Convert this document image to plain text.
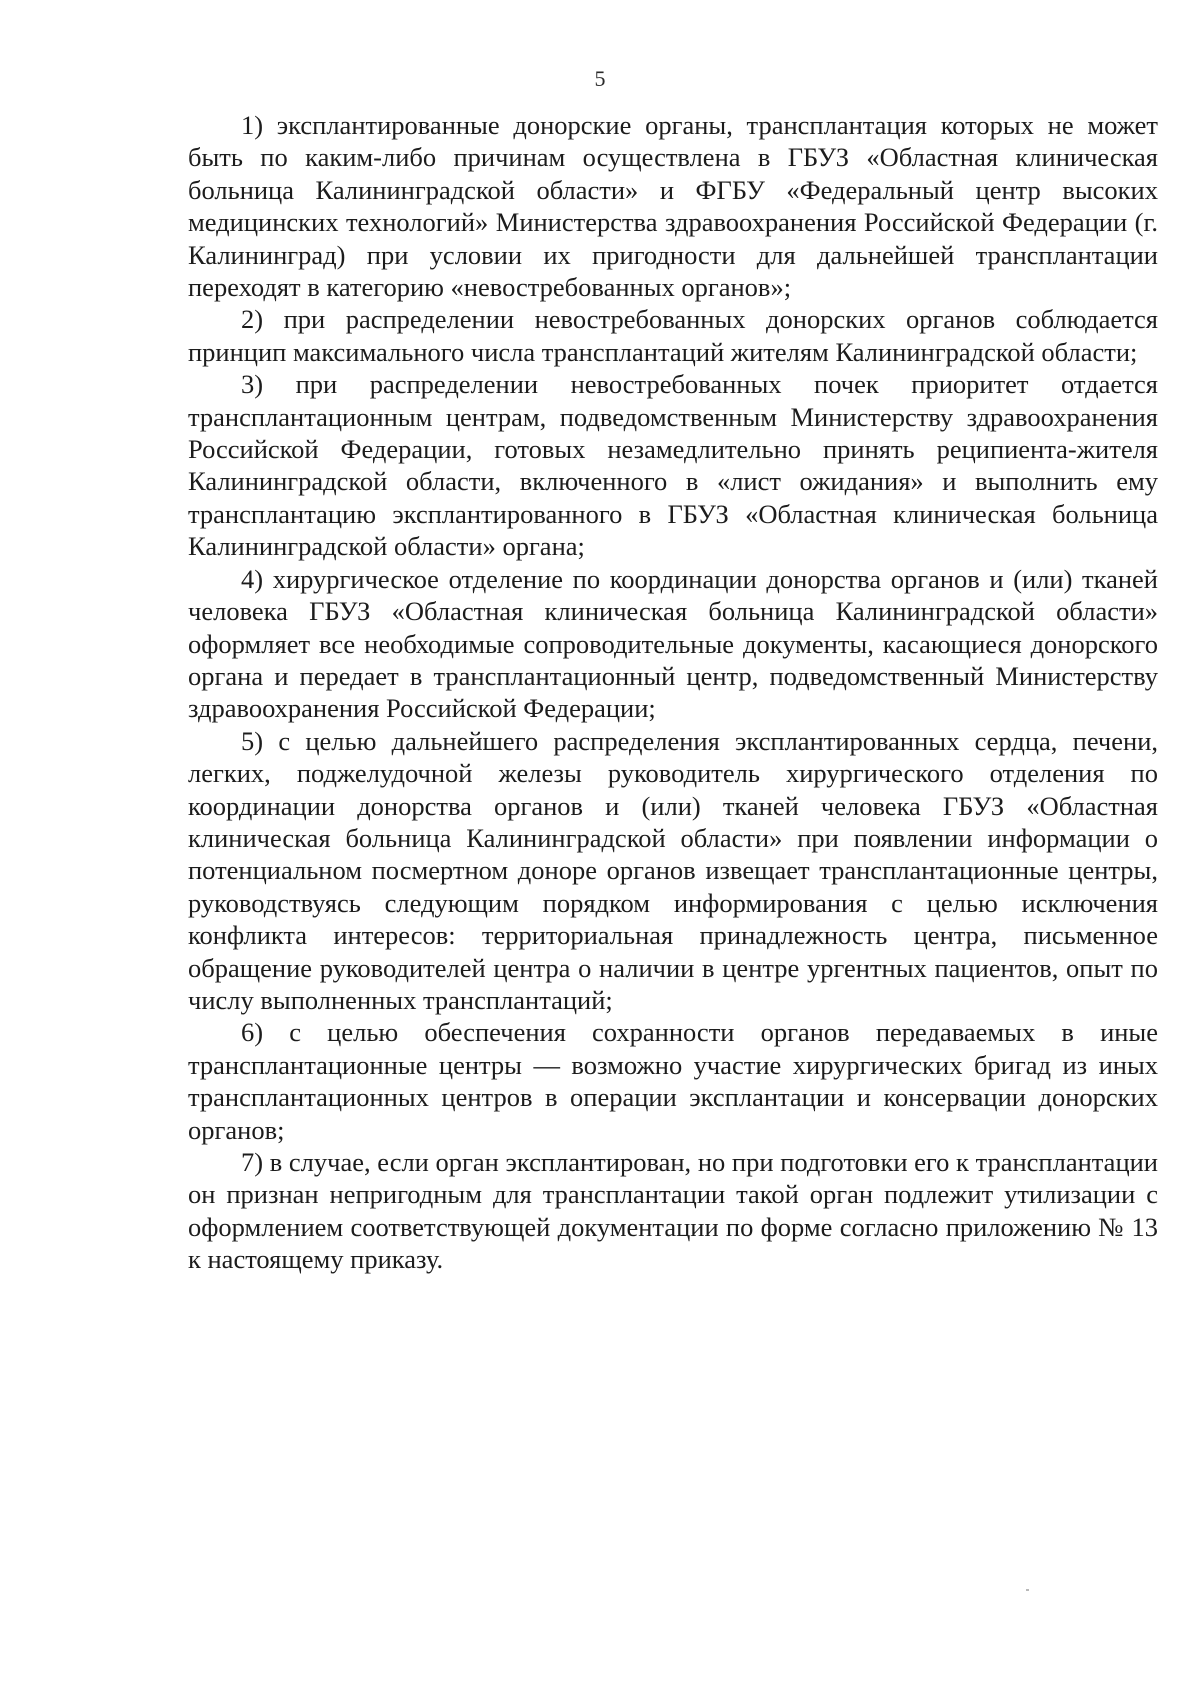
5

1) эксплантированные донорские органы, трансплантация которых не может быть по каким-либо причинам осуществлена в ГБУЗ «Областная клиническая больница Калининградской области» и ФГБУ «Федеральный центр высоких медицинских технологий» Министерства здравоохранения Российской Федерации (г. Калининград) при условии их пригодности для дальнейшей трансплантации переходят в категорию «невостребованных органов»;

2) при распределении невостребованных донорских органов соблюдается принцип максимального числа трансплантаций жителям Калининградской области;

3) при распределении невостребованных почек приоритет отдается трансплантационным центрам, подведомственным Министерству здравоохранения Российской Федерации, готовых незамедлительно принять реципиента-жителя Калининградской области, включенного в «лист ожидания» и выполнить ему трансплантацию эксплантированного в ГБУЗ «Областная клиническая больница Калининградской области» органа;

4) хирургическое отделение по координации донорства органов и (или) тканей человека ГБУЗ «Областная клиническая больница Калининградской области» оформляет все необходимые сопроводительные документы, касающиеся донорского органа и передает в трансплантационный центр, подведомственный Министерству здравоохранения Российской Федерации;

5) с целью дальнейшего распределения эксплантированных сердца, печени, легких, поджелудочной железы руководитель хирургического отделения по координации донорства органов и (или) тканей человека ГБУЗ «Областная клиническая больница Калининградской области» при появлении информации о потенциальном посмертном доноре органов извещает трансплантационные центры, руководствуясь следующим порядком информирования с целью исключения конфликта интересов: территориальная принадлежность центра, письменное обращение руководителей центра о наличии в центре ургентных пациентов, опыт по числу выполненных трансплантаций;

6) с целью обеспечения сохранности органов передаваемых в иные трансплантационные центры — возможно участие хирургических бригад из иных трансплантационных центров в операции эксплантации и консервации донорских органов;

7) в случае, если орган эксплантирован, но при подготовки его к трансплантации он признан непригодным для трансплантации такой орган подлежит утилизации с оформлением соответствующей документации по форме согласно приложению № 13 к настоящему приказу.
